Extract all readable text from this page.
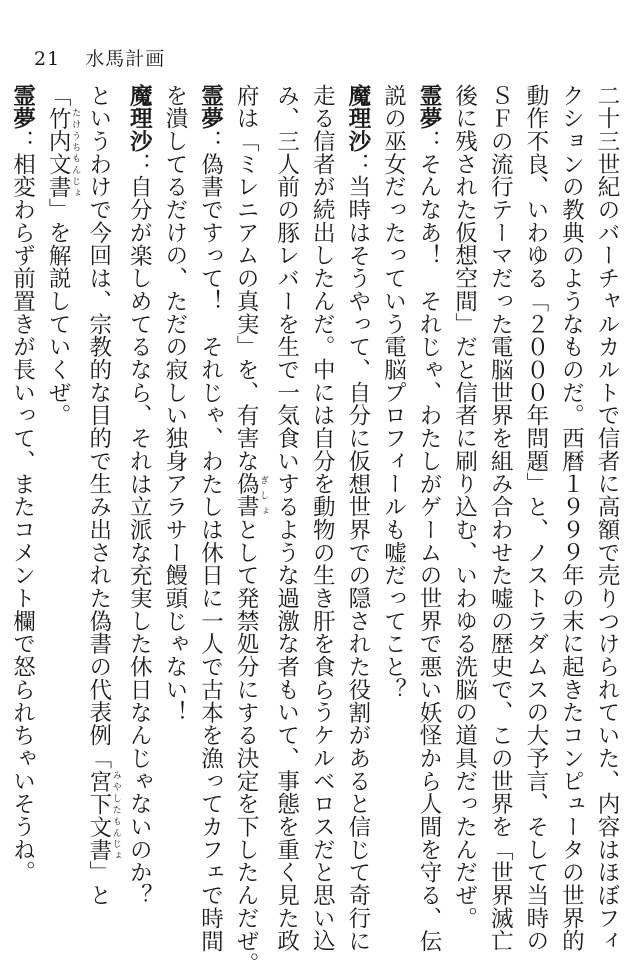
21 水馬計画
二十三世紀のバーチャルカルトで信者に高額で売りつけられていた、内容はほぼフィ
クションの教典のようなものだ。西暦１９９９年の末に起きたコンピュータの世界的
動作不良、いわゆる「２０００年問題」と、ノストラダムスの大予言、そして当時の
ＳＦの流行テーマだった電脳世界を組み合わせた嘘の歴史で、この世界を「世界滅亡
後に残された仮想空間」だと信者に刷り込む、いわゆる洗脳の道具だったんだぜ。
霊夢：そんなあ！　それじゃ、わたしがゲームの世界で悪い妖怪から人間を守る、伝
説の巫女だったっていう電脳プロフィールも嘘だってこと？
魔理沙：当時はそうやって、自分に仮想世界での隠された役割があると信じて奇行に
走る信者が続出したんだ。中には自分を動物の生き肝を食らうケルベロスだと思い込
み、三人前の豚レバーを生で一気食いするような過激な者もいて、事態を重く見た政
府は「ミレニアムの真実」を、有害な偽書 ぎしょとして発禁処分にする決定を下したんだぜ。
霊夢：偽書ですって！　それじゃ、わたしは休日に一人で古本を漁ってカフェで時間
を潰してるだけの、ただの寂しい独身アラサー饅頭じゃない！
魔理沙：自分が楽しめてるなら、それは立派な充実した休日なんじゃないのか？
というわけで今回は、宗教的な目的で生み出された偽書の代表例「宮下文書 みやしたもんじょ」と
「竹内文書 たけうちもんじょ」を解説していくぜ。
霊夢：相変わらず前置きが長いって、またコメント欄で怒られちゃいそうね。
